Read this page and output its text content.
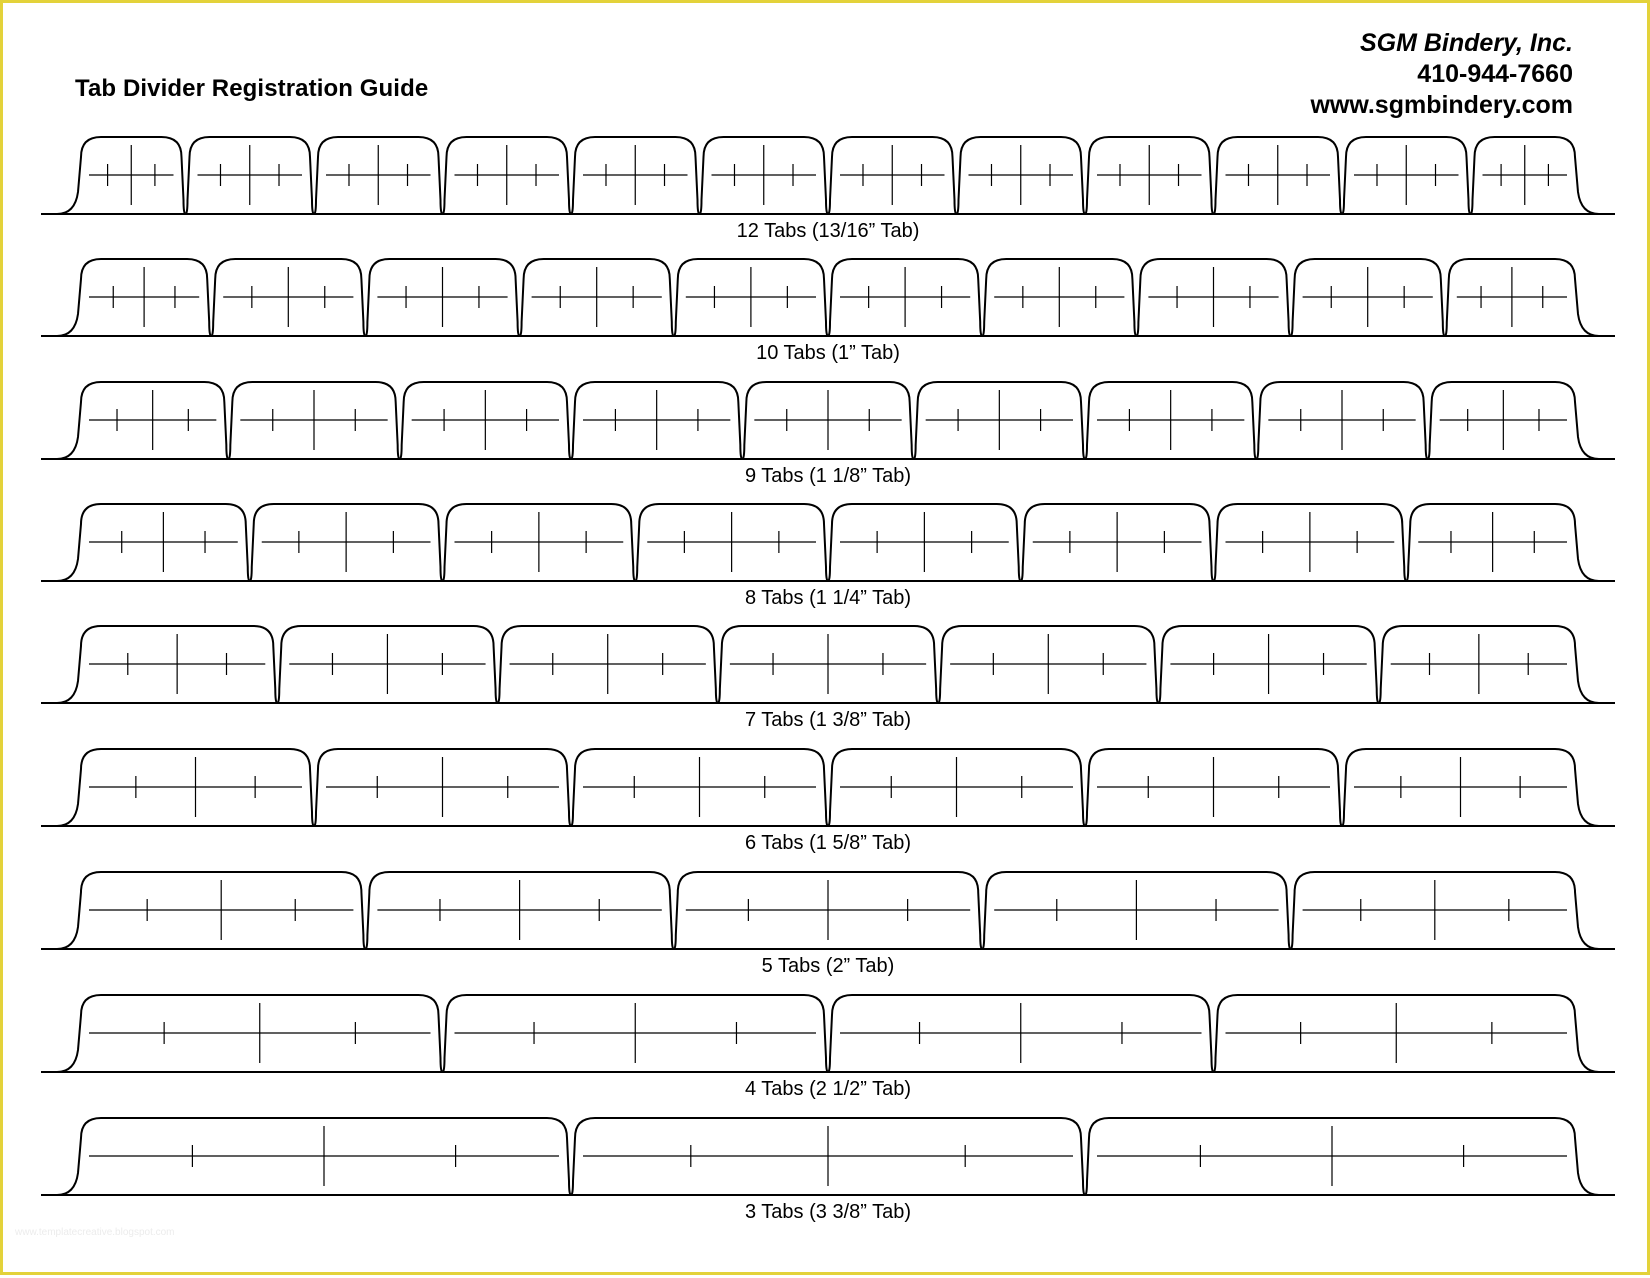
Tab Divider Registration Guide
SGM Bindery, Inc.
410-944-7660
www.sgmbindery.com
12 Tabs (13/16” Tab)
10 Tabs (1” Tab)
9 Tabs (1 1/8” Tab)
8 Tabs (1 1/4” Tab)
7 Tabs (1 3/8” Tab)
6 Tabs (1 5/8” Tab)
5 Tabs (2” Tab)
4 Tabs (2 1/2” Tab)
3 Tabs (3 3/8” Tab)
www.templatecreative.blogspot.com
